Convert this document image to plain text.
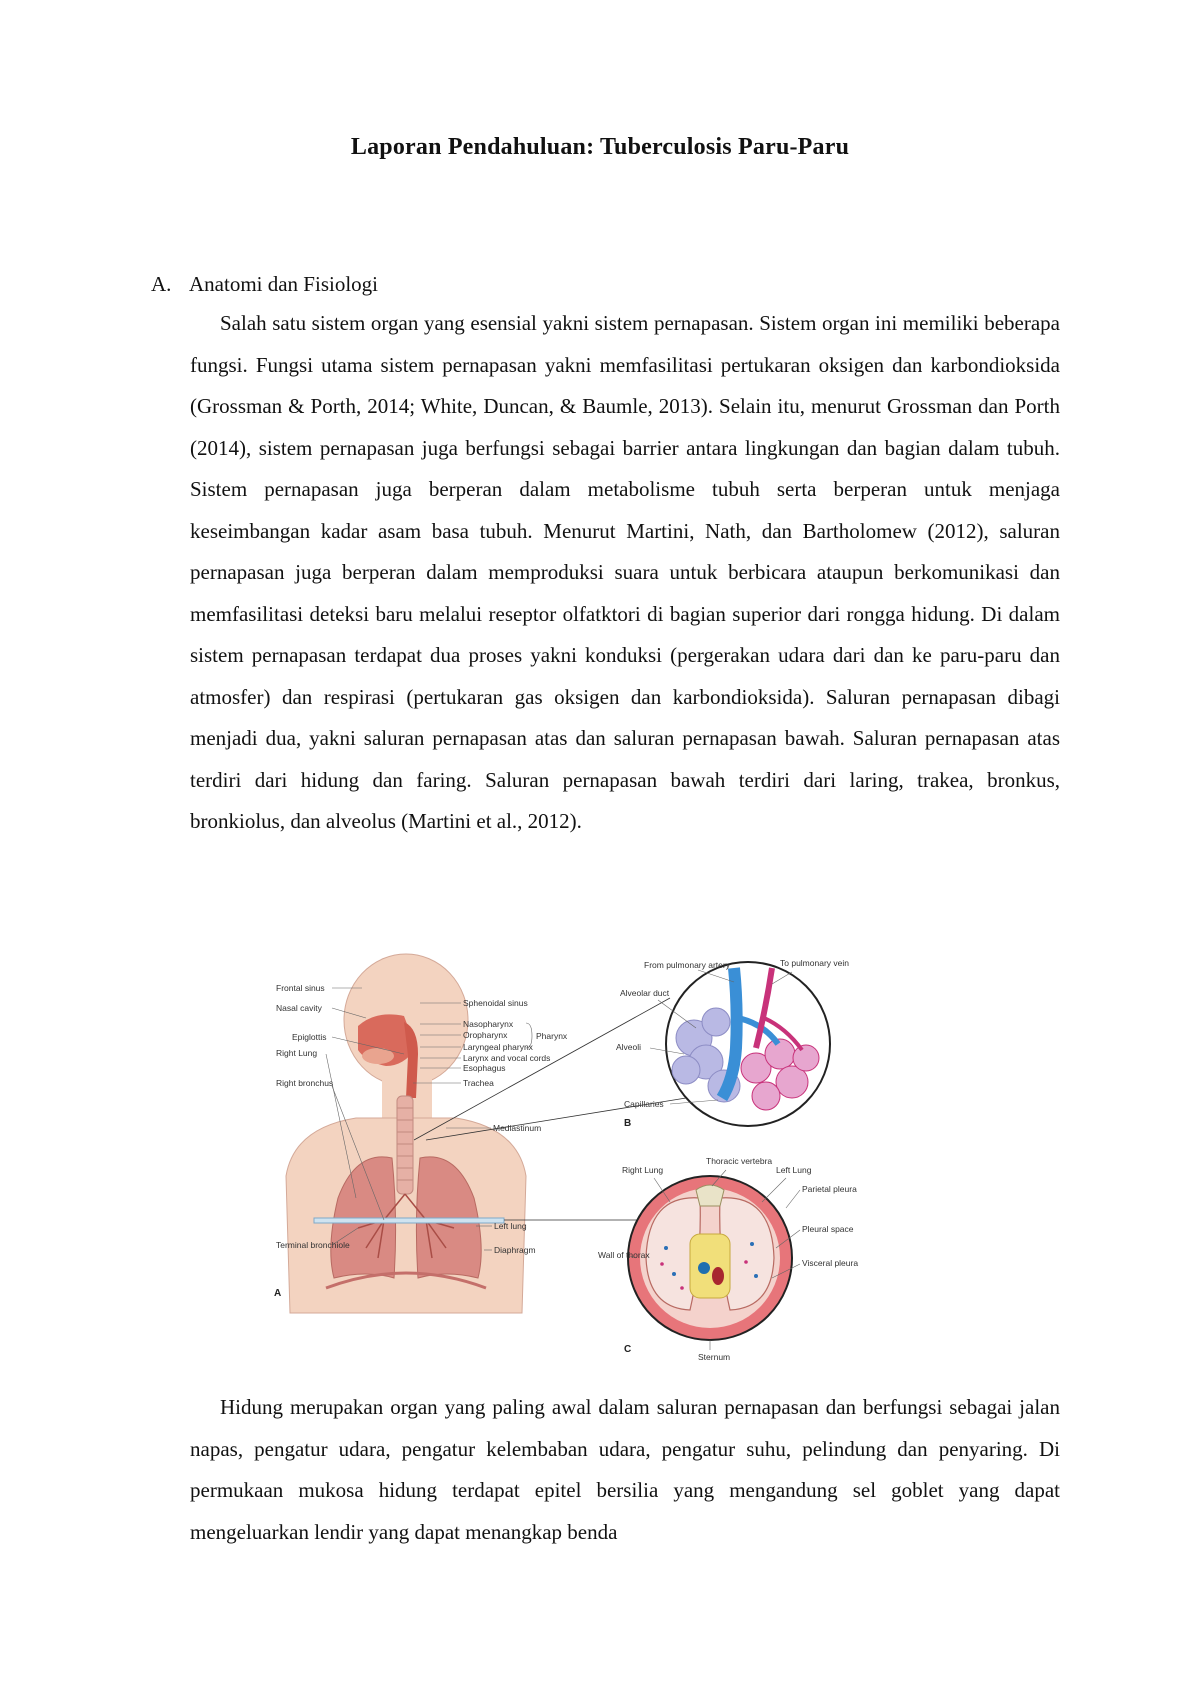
Laporan Pendahuluan: Tuberculosis Paru-Paru
A. Anatomi dan Fisiologi

Salah satu sistem organ yang esensial yakni sistem pernapasan. Sistem organ ini memiliki beberapa fungsi. Fungsi utama sistem pernapasan yakni memfasilitasi pertukaran oksigen dan karbondioksida (Grossman & Porth, 2014; White, Duncan, & Baumle, 2013). Selain itu, menurut Grossman dan Porth (2014), sistem pernapasan juga berfungsi sebagai barrier antara lingkungan dan bagian dalam tubuh. Sistem pernapasan juga berperan dalam metabolisme tubuh serta berperan untuk menjaga keseimbangan kadar asam basa tubuh. Menurut Martini, Nath, dan Bartholomew (2012), saluran pernapasan juga berperan dalam memproduksi suara untuk berbicara ataupun berkomunikasi dan memfasilitasi deteksi baru melalui reseptor olfatktori di bagian superior dari rongga hidung. Di dalam sistem pernapasan terdapat dua proses yakni konduksi (pergerakan udara dari dan ke paru-paru dan atmosfer) dan respirasi (pertukaran gas oksigen dan karbondioksida). Saluran pernapasan dibagi menjadi dua, yakni saluran pernapasan atas dan saluran pernapasan bawah. Saluran pernapasan atas terdiri dari hidung dan faring. Saluran pernapasan bawah terdiri dari laring, trakea, bronkus, bronkiolus, dan alveolus (Martini et al., 2012).

Frontal sinus
Nasal cavity
Epiglottis
Right Lung
Right bronchus
Terminal bronchiole
Sphenoidal sinus
Nasopharynx
Oropharynx
Laryngeal pharynx
Larynx and vocal cords
Esophagus
Trachea
Mediastinum
Left lung
Diaphragm
Pharynx
A
From pulmonary artery	To pulmonary vein
Alveolar duct
Alveoli
Capillaries
B
Right Lung
Thoracic vertebra
Left Lung
Wall of thorax
Parietal pleura
Pleural space
Visceral pleura
Sternum
C

Hidung merupakan organ yang paling awal dalam saluran pernapasan dan berfungsi sebagai jalan napas, pengatur udara, pengatur kelembaban udara, pengatur suhu, pelindung dan penyaring. Di permukaan mukosa hidung terdapat epitel bersilia yang mengandung sel goblet yang dapat mengeluarkan lendir yang dapat menangkap benda
